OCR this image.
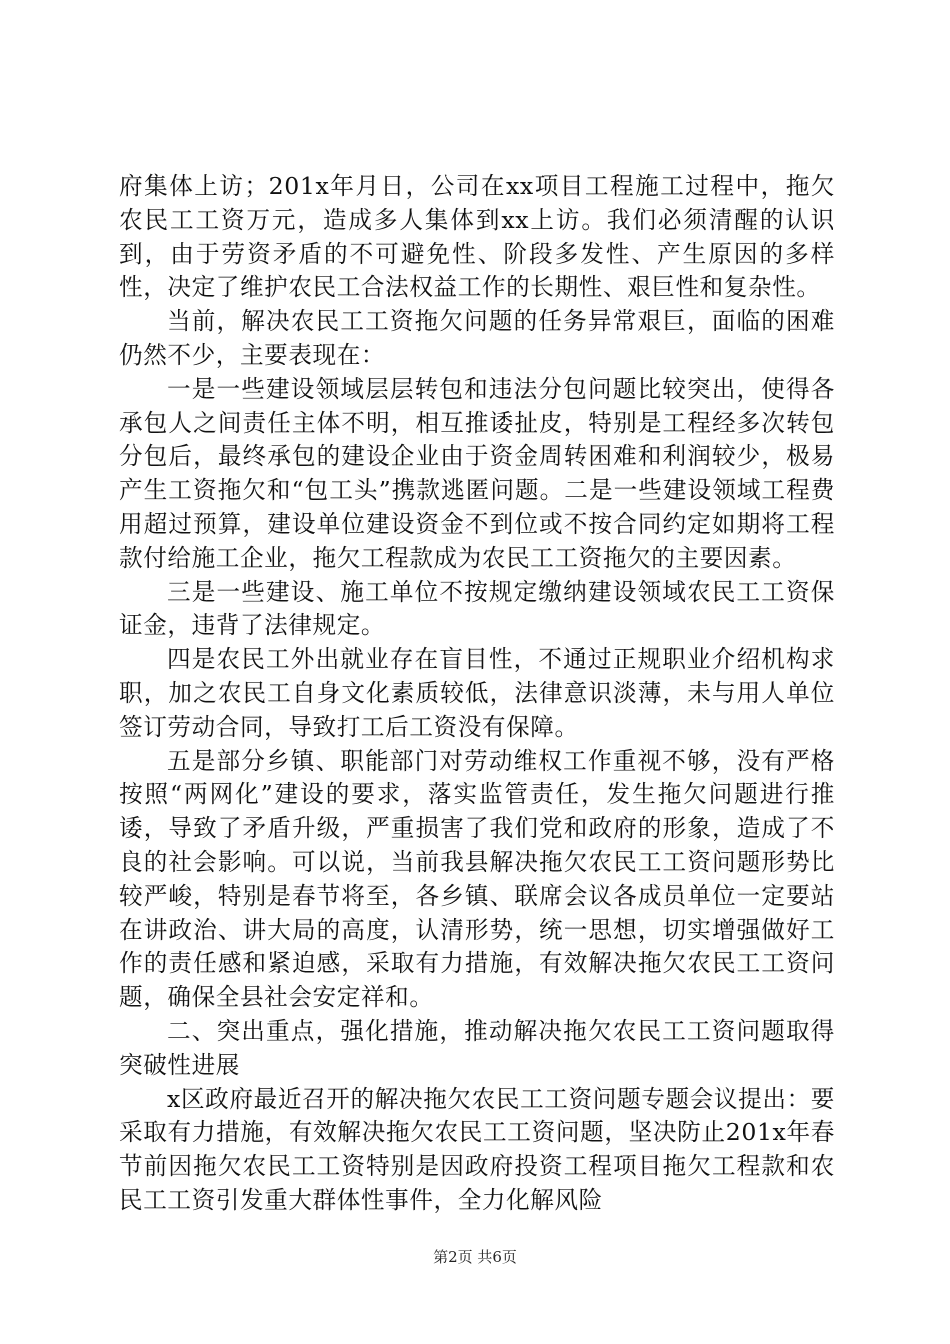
府集体上访；201x年月日，公司在xx项目工程施工过程中，拖欠农民工工资万元，造成多人集体到xx上访。我们必须清醒的认识到，由于劳资矛盾的不可避免性、阶段多发性、产生原因的多样性，决定了维护农民工合法权益工作的长期性、艰巨性和复杂性。

当前，解决农民工工资拖欠问题的任务异常艰巨，面临的困难仍然不少，主要表现在：

一是一些建设领域层层转包和违法分包问题比较突出，使得各承包人之间责任主体不明，相互推诿扯皮，特别是工程经多次转包分包后，最终承包的建设企业由于资金周转困难和利润较少，极易产生工资拖欠和“包工头”携款逃匿问题。二是一些建设领域工程费用超过预算，建设单位建设资金不到位或不按合同约定如期将工程款付给施工企业，拖欠工程款成为农民工工资拖欠的主要因素。

三是一些建设、施工单位不按规定缴纳建设领域农民工工资保证金，违背了法律规定。

四是农民工外出就业存在盲目性，不通过正规职业介绍机构求职，加之农民工自身文化素质较低，法律意识淡薄，未与用人单位签订劳动合同，导致打工后工资没有保障。

五是部分乡镇、职能部门对劳动维权工作重视不够，没有严格按照“两网化”建设的要求，落实监管责任，发生拖欠问题进行推诿，导致了矛盾升级，严重损害了我们党和政府的形象，造成了不良的社会影响。可以说，当前我县解决拖欠农民工工资问题形势比较严峻，特别是春节将至，各乡镇、联席会议各成员单位一定要站在讲政治、讲大局的高度，认清形势，统一思想，切实增强做好工作的责任感和紧迫感，采取有力措施，有效解决拖欠农民工工资问题，确保全县社会安定祥和。

二、突出重点，强化措施，推动解决拖欠农民工工资问题取得突破性进展

x区政府最近召开的解决拖欠农民工工资问题专题会议提出：要采取有力措施，有效解决拖欠农民工工资问题，坚决防止201x年春节前因拖欠农民工工资特别是因政府投资工程项目拖欠工程款和农民工工资引发重大群体性事件，全力化解风险

第2页 共6页
